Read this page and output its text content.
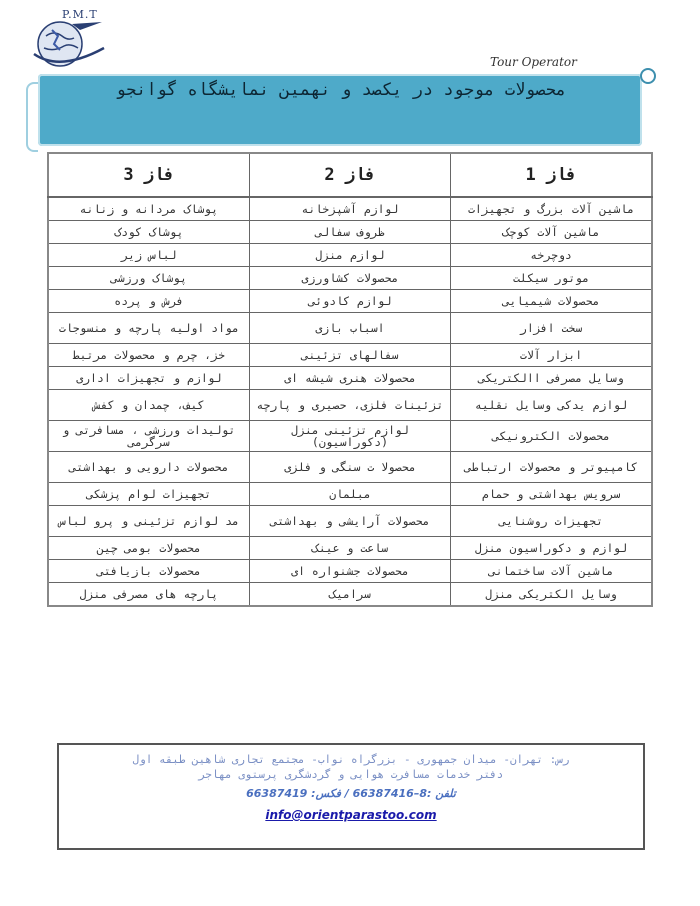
P.M.T
Tour Operator
محصولات موجود در یکصد و نهمین نمایشگاه گوانجو
فاز 3	فاز 2	فاز 1
پوشاک مردانه و زنانه	لوازم آشپزخانه	ماشین آلات بزرگ و تجهیزات
پوشاک کودک	ظروف سفالی	ماشین آلات کوچک
لباس زیر	لوازم منزل	دوچرخه
پوشاک ورزشی	محصولات کشاورزی	موتور سیکلت
فرش و پرده	لوازم کادوئی	محصولات شیمیایی
مواد اولیه پارچه و منسوجات	اسباب بازی	سخت افزار
خز، چرم و محصولات مرتبط	سفالهای تزئینی	ابزار آلات
لوازم و تجهیزات اداری	محصولات هنری شیشه ای	وسایل مصرفی االکتریکی
کیف، چمدان و کفش	تزئینات فلزی، حصیری و پارچه	لوازم یدکی وسایل نقلیه
تولیدات ورزشی ، مسافرتی و سرگرمی	لوازم تزئینی منزل (دکوراسیون)	محصولات الکترونیکی
محصولات دارویی و بهداشتی	محصولا ت سنگی و فلزی	کامپیوتر و محصولات ارتباطی
تجهیزات لوام پزشکی	مبلمان	سرویس بهداشتی و حمام
مد لوازم تزئینی و پرو لباس	محصولات آرایشی و بهداشتی	تجهیزات روشنایی
محصولات بومی چین	ساعت و عینک	لوازم و دکوراسیون منزل
محصولات بازیافتی	محصولات جشنواره ای	ماشین آلات ساختمانی
پارچه های مصرفی منزل	سرامیک	وسایل الکتریکی منزل
رس: تهران- میدان جمهوری - بزرگراه نواب- مجتمع تجاری شاهین طبقه اول
دفتر خدمات مسافرت هوایی و گردشگری پرستوی مهاجر
تلفن :8–66387416 / فکس: 66387419
info@orientparastoo.com
